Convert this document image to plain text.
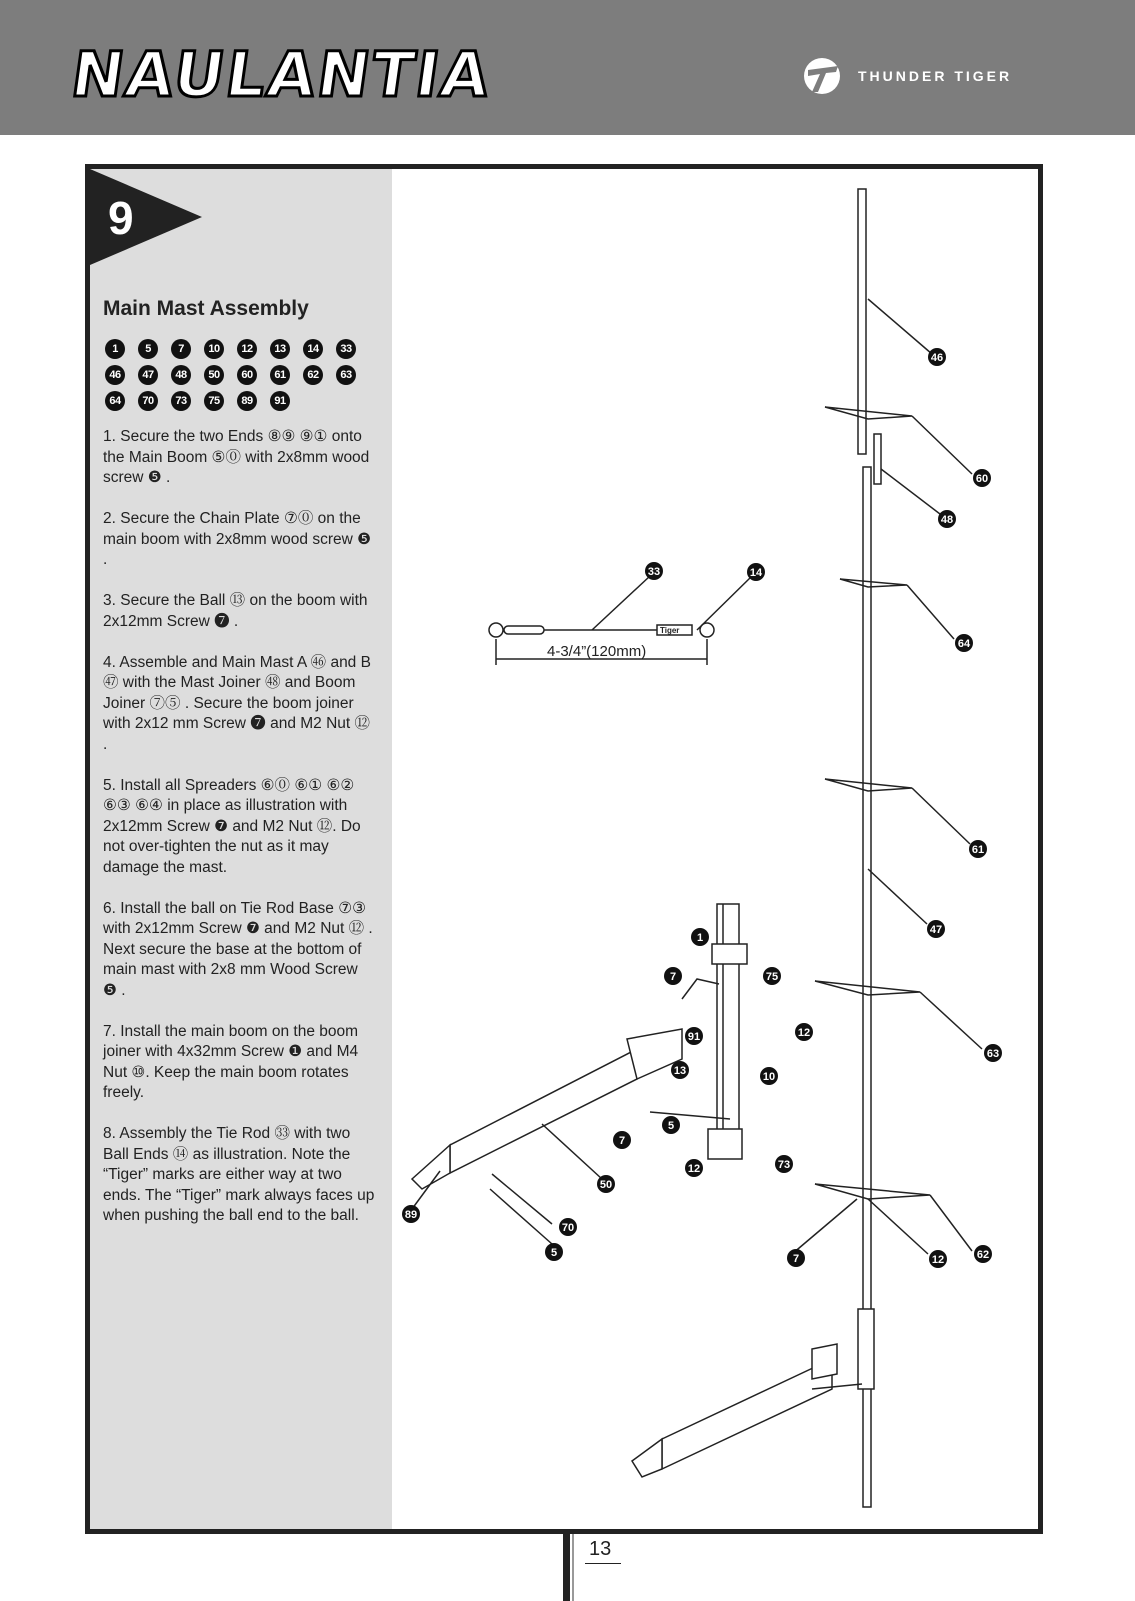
NAULANTIA	THUNDER TIGER
9
Main Mast Assembly
1	5	7	10	12	13	14	33
46	47	48	50	60	61	62	63
64	70	73	75	89	91

1. Secure the two Ends ⑧⑨ ⑨① onto the Main Boom ⑤⓪ with 2x8mm wood screw ❺ .

2. Secure the Chain Plate ⑦⓪ on the main boom with 2x8mm wood screw ❺ .

3. Secure the Ball ⑬ on the boom with 2x12mm Screw ❼ .

4. Assemble and Main Mast A ㊻ and B ㊼ with the Mast Joiner ㊽ and Boom Joiner ⑦⑤ . Secure the boom joiner with 2x12 mm Screw ❼ and M2 Nut ⑫ .

5. Install all Spreaders ⑥⓪ ⑥① ⑥② ⑥③ ⑥④ in place as illustration with 2x12mm Screw ❼ and M2 Nut ⑫. Do not over-tighten the nut as it may damage the mast.

6. Install the ball on Tie Rod Base ⑦③ with 2x12mm Screw ❼ and M2 Nut ⑫ . Next secure the base at the bottom of main mast with 2x8 mm Wood Screw ❺ .

7. Install the main boom on the boom joiner with 4x32mm Screw ❶ and M4 Nut ⑩. Keep the main boom rotates freely.

8. Assembly the Tie Rod ㉝ with two Ball Ends ⑭ as illustration. Note the “Tiger” marks are either way at two ends. The “Tiger” mark always faces up when pushing the ball end to the ball.

Tiger
4-3/4”(120mm)
46
60
48
64
61
47
63
62
12
7
33	14
1
7	75
91	12
13	10
5
7
12	73
50
89
70
5
13
